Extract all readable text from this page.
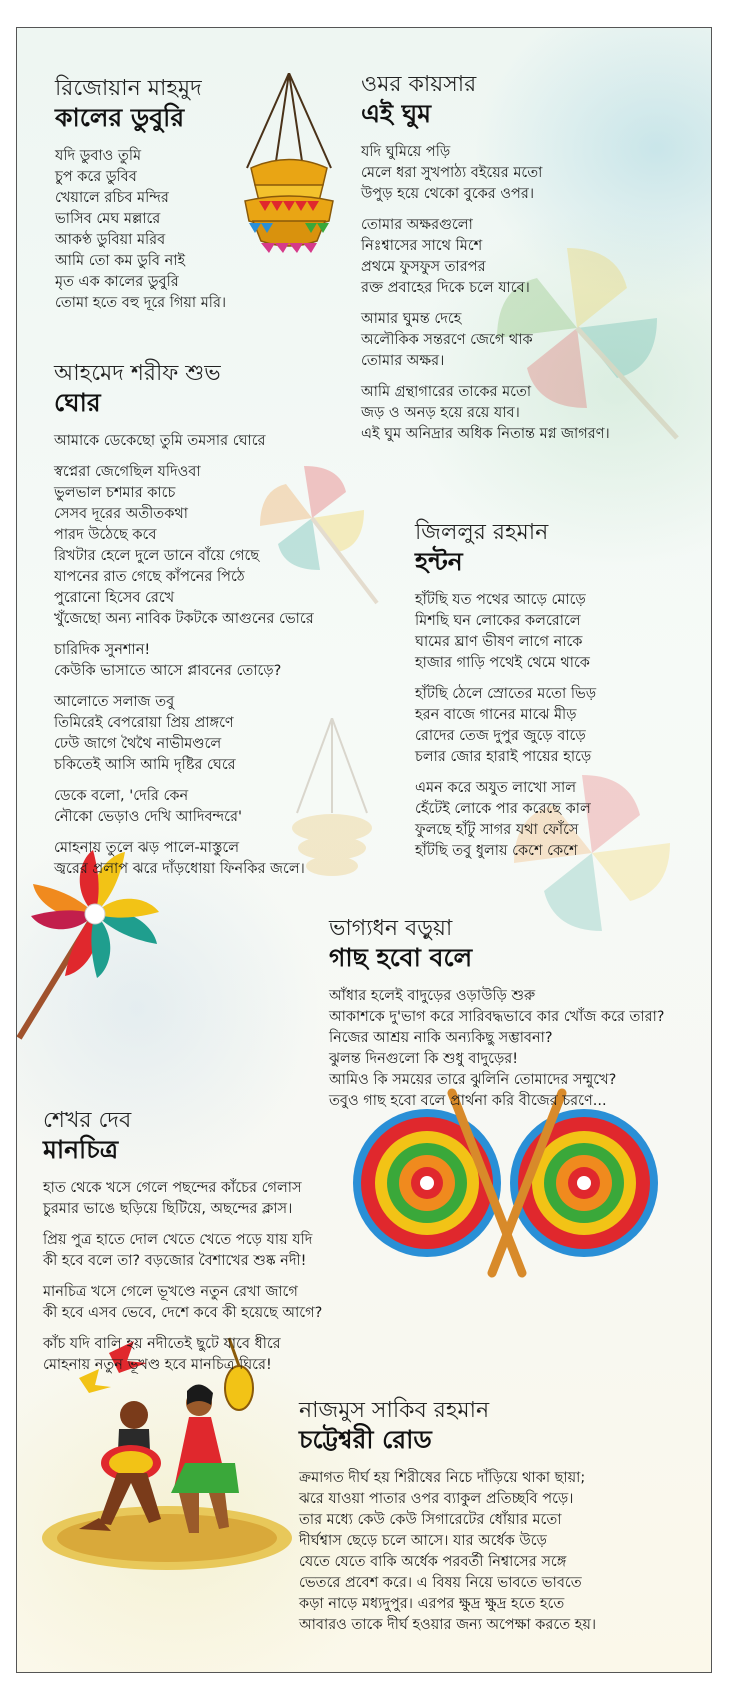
রিজোয়ান মাহমুদ
কালের ডুবুরি
যদি ডুবাও তুমি
চুপ করে ডুবিব
খেয়ালে রচিব মন্দির
ভাসিব মেঘ মল্লারে
আকণ্ঠ ডুবিয়া মরিব
আমি তো কম ডুবি নাই
মৃত এক কালের ডুবুরি
তোমা হতে বহু দূরে গিয়া মরি।
ওমর কায়সার
এই ঘুম
যদি ঘুমিয়ে পড়ি
মেলে ধরা সুখপাঠ্য বইয়ের মতো
উপুড় হয়ে থেকো বুকের ওপর।
তোমার অক্ষরগুলো
নিঃশ্বাসের সাথে মিশে
প্রথমে ফুসফুস তারপর
রক্ত প্রবাহের দিকে চলে যাবে।
আমার ঘুমন্ত দেহে
অলৌকিক সন্তরণে জেগে থাক
তোমার অক্ষর।
আমি গ্রন্থাগারের তাকের মতো
জড় ও অনড় হয়ে রয়ে যাব।
এই ঘুম অনিদ্রার অধিক নিতান্ত মগ্ন জাগরণ।
আহমেদ শরীফ শুভ
ঘোর
আমাকে ডেকেছো তুমি তমসার ঘোরে
স্বপ্নেরা জেগেছিল যদিওবা
ভুলভাল চশমার কাচে
সেসব দূরের অতীতকথা
পারদ উঠেছে কবে
রিখটার হেলে দুলে ডানে বাঁয়ে গেছে
যাপনের রাত গেছে কাঁপনের পিঠে
পুরোনো হিসেব রেখে
খুঁজেছো অন্য নাবিক টকটকে আগুনের ভোরে
চারিদিক সুনশান!
কেউকি ভাসাতে আসে প্লাবনের তোড়ে?
আলোতে সলাজ তবু
তিমিরেই বেপরোয়া প্রিয় প্রাঙ্গণে
ঢেউ জাগে থৈথৈ নাভীমণ্ডলে
চকিতেই আসি আমি দৃষ্টির ঘেরে
ডেকে বলো, 'দেরি কেন
নৌকো ভেড়াও দেখি আদিবন্দরে'
মোহনায় তুলে ঝড় পালে-মাস্তুলে
জ্বরের প্রলাপ ঝরে দাঁড়ধোয়া ফিনকির জলে।
জিললুর রহমান
হন্টন
হাঁটছি যত পথের আড়ে মোড়ে
মিশছি ঘন লোকের কলরোলে
ঘামের ঘ্রাণ ভীষণ লাগে নাকে
হাজার গাড়ি পথেই থেমে থাকে
হাঁটছি ঠেলে স্রোতের মতো ভিড়
হরন বাজে গানের মাঝে মীড়
রোদের তেজ দুপুর জুড়ে বাড়ে
চলার জোর হারাই পায়ের হাড়ে
এমন করে অযুত লাখো সাল
হেঁটেই লোকে পার করেছে কাল
ফুলছে হাঁটু সাগর যথা ফোঁসে
হাঁটছি তবু ধুলায় কেশে কেশে
ভাগ্যধন বড়ুয়া
গাছ হবো বলে
আঁধার হলেই বাদুড়ের ওড়াউড়ি শুরু
আকাশকে দু'ভাগ করে সারিবদ্ধভাবে কার খোঁজ করে তারা?
নিজের আশ্রয় নাকি অন্যকিছু সম্ভাবনা?
ঝুলন্ত দিনগুলো কি শুধু বাদুড়ের!
আমিও কি সময়ের তারে ঝুলিনি তোমাদের সম্মুখে?
তবুও গাছ হবো বলে প্রার্থনা করি বীজের চরণে...
শেখর দেব
মানচিত্র
হাত থেকে খসে গেলে পছন্দের কাঁচের গেলাস
চুরমার ভাঙে ছড়িয়ে ছিটিয়ে, অছন্দের ক্লাস।
প্রিয় পুত্র হাতে দোল খেতে খেতে পড়ে যায় যদি
কী হবে বলে তা? বড়জোর বৈশাখের শুষ্ক নদী!
মানচিত্র খসে গেলে ভূখণ্ডে নতুন রেখা জাগে
কী হবে এসব ভেবে, দেশে কবে কী হয়েছে আগে?
কাঁচ যদি বালি হয় নদীতেই ছুটে যাবে ধীরে
মোহনায় নতুন ভূখণ্ড হবে মানচিত্র ঘিরে!
নাজমুস সাকিব রহমান
চট্টেশ্বরী রোড
ক্রমাগত দীর্ঘ হয় শিরীষের নিচে দাঁড়িয়ে থাকা ছায়া;
ঝরে যাওয়া পাতার ওপর ব্যাকুল প্রতিচ্ছবি পড়ে।
তার মধ্যে কেউ কেউ সিগারেটের ধোঁয়ার মতো
দীর্ঘশ্বাস ছেড়ে চলে আসে। যার অর্ধেক উড়ে
যেতে যেতে বাকি অর্ধেক পরবর্তী নিশ্বাসের সঙ্গে
ভেতরে প্রবেশ করে। এ বিষয় নিয়ে ভাবতে ভাবতে
কড়া নাড়ে মধ্যদুপুর। এরপর ক্ষুদ্র ক্ষুদ্র হতে হতে
আবারও তাকে দীর্ঘ হওয়ার জন্য অপেক্ষা করতে হয়।
